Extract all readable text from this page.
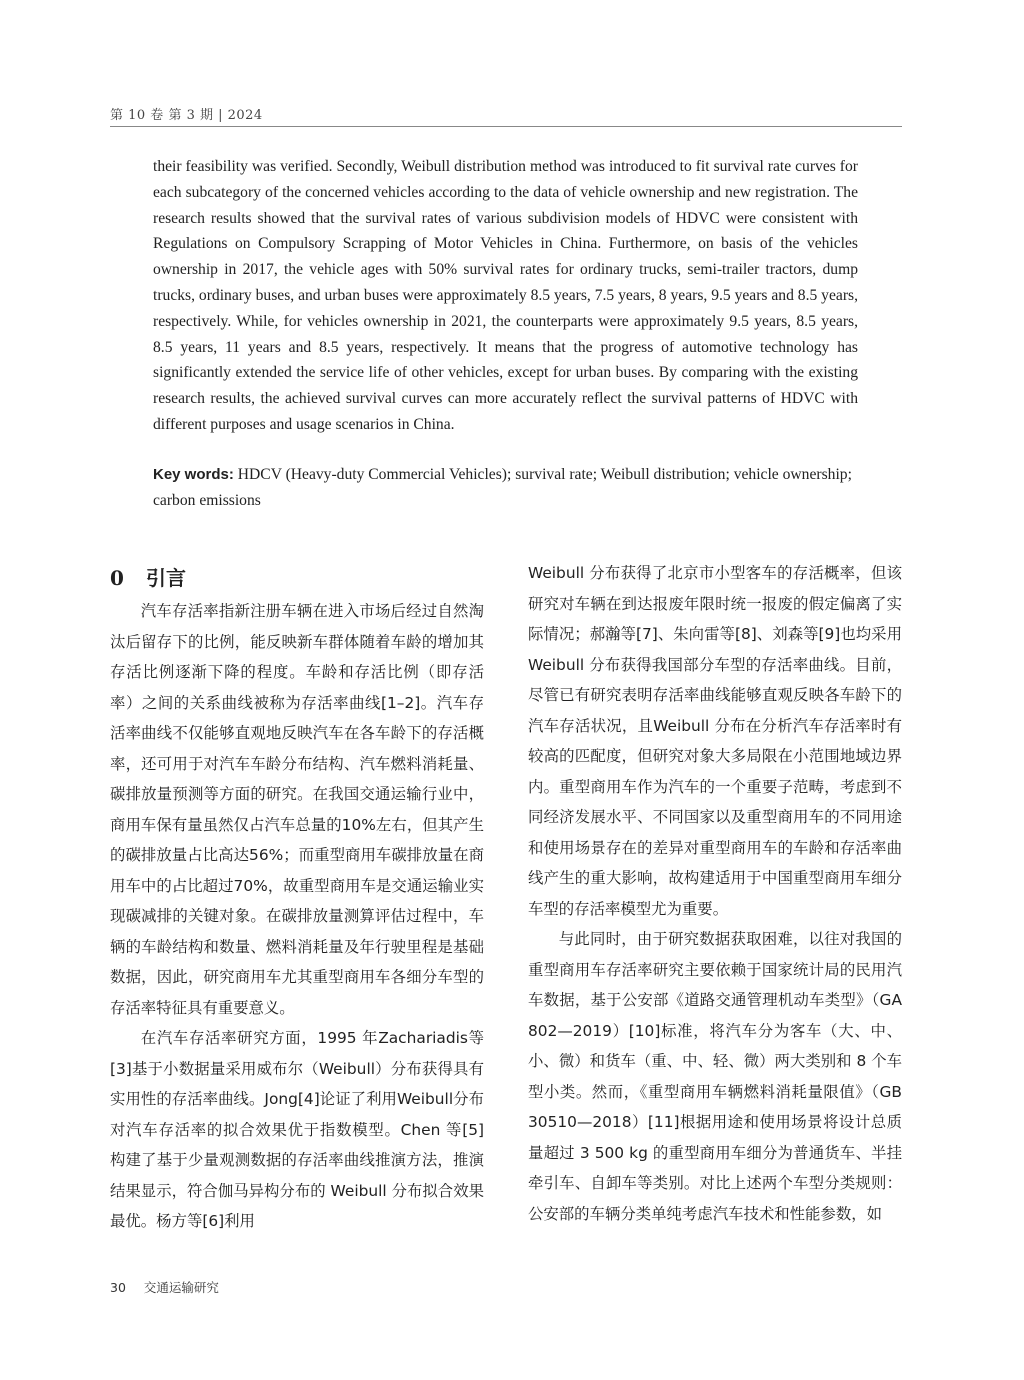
第 10 卷 第 3 期 | 2024

their feasibility was verified. Secondly, Weibull distribution method was introduced to fit survival rate curves for each subcategory of the concerned vehicles according to the data of vehicle ownership and new registration. The research results showed that the survival rates of various subdivision models of HDVC were consistent with Regulations on Compulsory Scrapping of Motor Vehicles in China. Furthermore, on basis of the vehicles ownership in 2017, the vehicle ages with 50% survival rates for ordinary trucks, semi-trailer tractors, dump trucks, ordinary buses, and urban buses were approximately 8.5 years, 7.5 years, 8 years, 9.5 years and 8.5 years, respectively. While, for vehicles ownership in 2021, the counterparts were approximately 9.5 years, 8.5 years, 8.5 years, 11 years and 8.5 years, respectively. It means that the progress of automotive technology has significantly extended the service life of other vehicles, except for urban buses. By comparing with the existing research results, the achieved survival curves can more accurately reflect the survival patterns of HDVC with different purposes and usage scenarios in China.

Key words: HDCV (Heavy-duty Commercial Vehicles); survival rate; Weibull distribution; vehicle ownership; carbon emissions
0 引言

汽车存活率指新注册车辆在进入市场后经过自然淘汰后留存下的比例，能反映新车群体随着车龄的增加其存活比例逐渐下降的程度。车龄和存活比例（即存活率）之间的关系曲线被称为存活率曲线[1–2]。汽车存活率曲线不仅能够直观地反映汽车在各车龄下的存活概率，还可用于对汽车车龄分布结构、汽车燃料消耗量、碳排放量预测等方面的研究。在我国交通运输行业中，商用车保有量虽然仅占汽车总量的10%左右，但其产生的碳排放量占比高达56%；而重型商用车碳排放量在商用车中的占比超过70%，故重型商用车是交通运输业实现碳减排的关键对象。在碳排放量测算评估过程中，车辆的车龄结构和数量、燃料消耗量及年行驶里程是基础数据，因此，研究商用车尤其重型商用车各细分车型的存活率特征具有重要意义。

在汽车存活率研究方面，1995 年Zachariadis等[3]基于小数据量采用威布尔（Weibull）分布获得具有实用性的存活率曲线。Jong[4]论证了利用Weibull分布对汽车存活率的拟合效果优于指数模型。Chen 等[5]构建了基于少量观测数据的存活率曲线推演方法，推演结果显示，符合伽马异构分布的 Weibull 分布拟合效果最优。杨方等[6]利用

Weibull 分布获得了北京市小型客车的存活概率，但该研究对车辆在到达报废年限时统一报废的假定偏离了实际情况；郝瀚等[7]、朱向雷等[8]、刘森等[9]也均采用 Weibull 分布获得我国部分车型的存活率曲线。目前，尽管已有研究表明存活率曲线能够直观反映各车龄下的汽车存活状况，且Weibull 分布在分析汽车存活率时有较高的匹配度，但研究对象大多局限在小范围地域边界内。重型商用车作为汽车的一个重要子范畴，考虑到不同经济发展水平、不同国家以及重型商用车的不同用途和使用场景存在的差异对重型商用车的车龄和存活率曲线产生的重大影响，故构建适用于中国重型商用车细分车型的存活率模型尤为重要。

与此同时，由于研究数据获取困难，以往对我国的重型商用车存活率研究主要依赖于国家统计局的民用汽车数据，基于公安部《道路交通管理机动车类型》（GA 802—2019）[10]标准，将汽车分为客车（大、中、小、微）和货车（重、中、轻、微）两大类别和 8 个车型小类。然而，《重型商用车辆燃料消耗量限值》（GB 30510—2018）[11]根据用途和使用场景将设计总质量超过 3 500 kg 的重型商用车细分为普通货车、半挂牵引车、自卸车等类别。对比上述两个车型分类规则：公安部的车辆分类单纯考虑汽车技术和性能参数，如

30 交通运输研究
